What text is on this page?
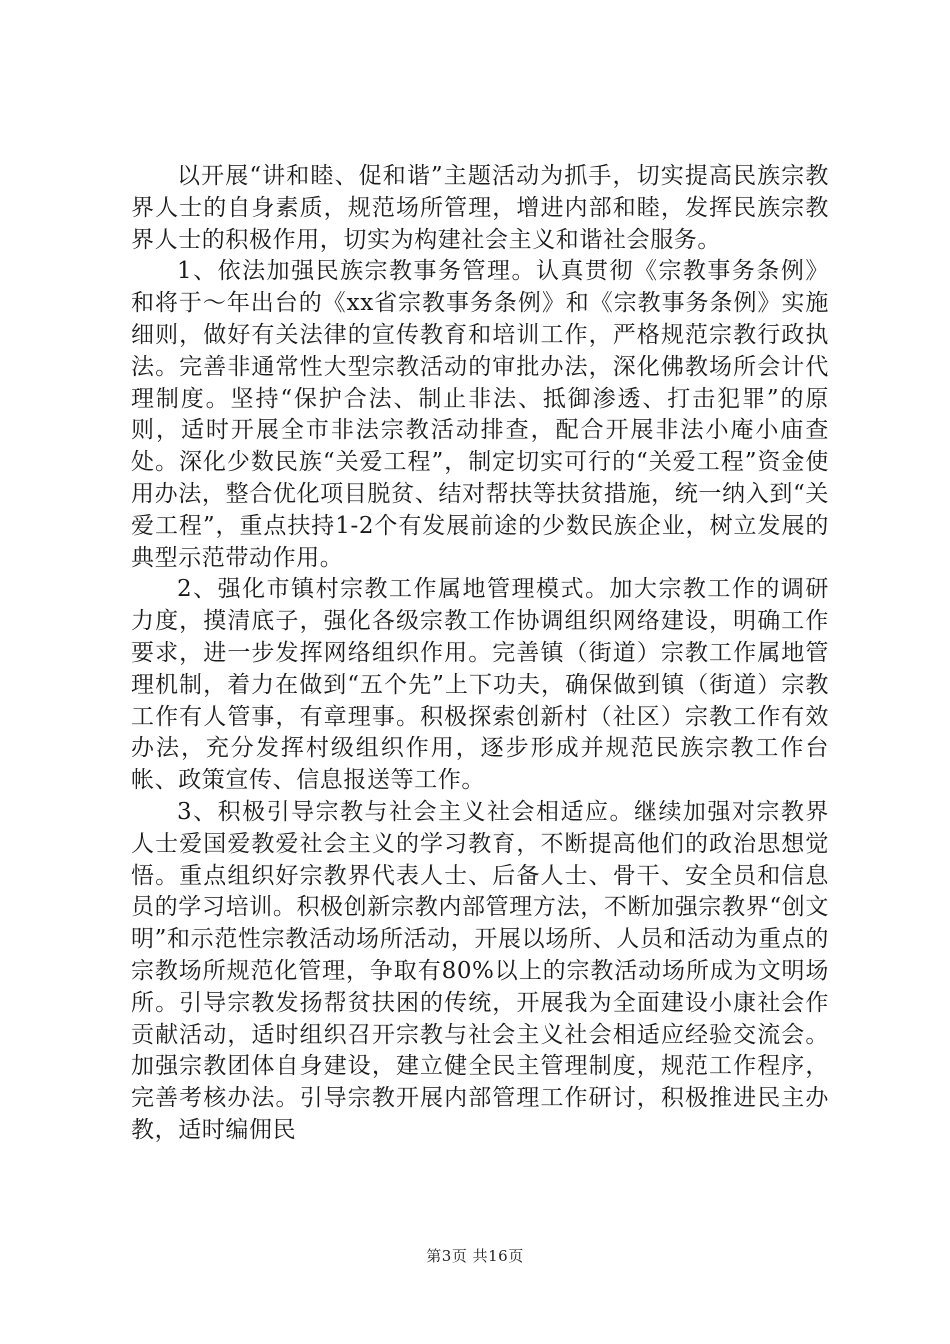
以开展“讲和睦、促和谐”主题活动为抓手，切实提高民族宗教界人士的自身素质，规范场所管理，增进内部和睦，发挥民族宗教界人士的积极作用，切实为构建社会主义和谐社会服务。

1、依法加强民族宗教事务管理。认真贯彻《宗教事务条例》和将于～年出台的《xx省宗教事务条例》和《宗教事务条例》实施细则，做好有关法律的宣传教育和培训工作，严格规范宗教行政执法。完善非通常性大型宗教活动的审批办法，深化佛教场所会计代理制度。坚持“保护合法、制止非法、抵御渗透、打击犯罪”的原则，适时开展全市非法宗教活动排查，配合开展非法小庵小庙查处。深化少数民族“关爱工程”，制定切实可行的“关爱工程”资金使用办法，整合优化项目脱贫、结对帮扶等扶贫措施，统一纳入到“关爱工程”，重点扶持1-2个有发展前途的少数民族企业，树立发展的典型示范带动作用。

2、强化市镇村宗教工作属地管理模式。加大宗教工作的调研力度，摸清底子，强化各级宗教工作协调组织网络建设，明确工作要求，进一步发挥网络组织作用。完善镇（街道）宗教工作属地管理机制，着力在做到“五个先”上下功夫，确保做到镇（街道）宗教工作有人管事，有章理事。积极探索创新村（社区）宗教工作有效办法，充分发挥村级组织作用，逐步形成并规范民族宗教工作台帐、政策宣传、信息报送等工作。

3、积极引导宗教与社会主义社会相适应。继续加强对宗教界人士爱国爱教爱社会主义的学习教育，不断提高他们的政治思想觉悟。重点组织好宗教界代表人士、后备人士、骨干、安全员和信息员的学习培训。积极创新宗教内部管理方法，不断加强宗教界“创文明”和示范性宗教活动场所活动，开展以场所、人员和活动为重点的宗教场所规范化管理，争取有80%以上的宗教活动场所成为文明场所。引导宗教发扬帮贫扶困的传统，开展我为全面建设小康社会作贡献活动，适时组织召开宗教与社会主义社会相适应经验交流会。加强宗教团体自身建设，建立健全民主管理制度，规范工作程序，完善考核办法。引导宗教开展内部管理工作研讨，积极推进民主办教，适时编佣民

第3页 共16页
